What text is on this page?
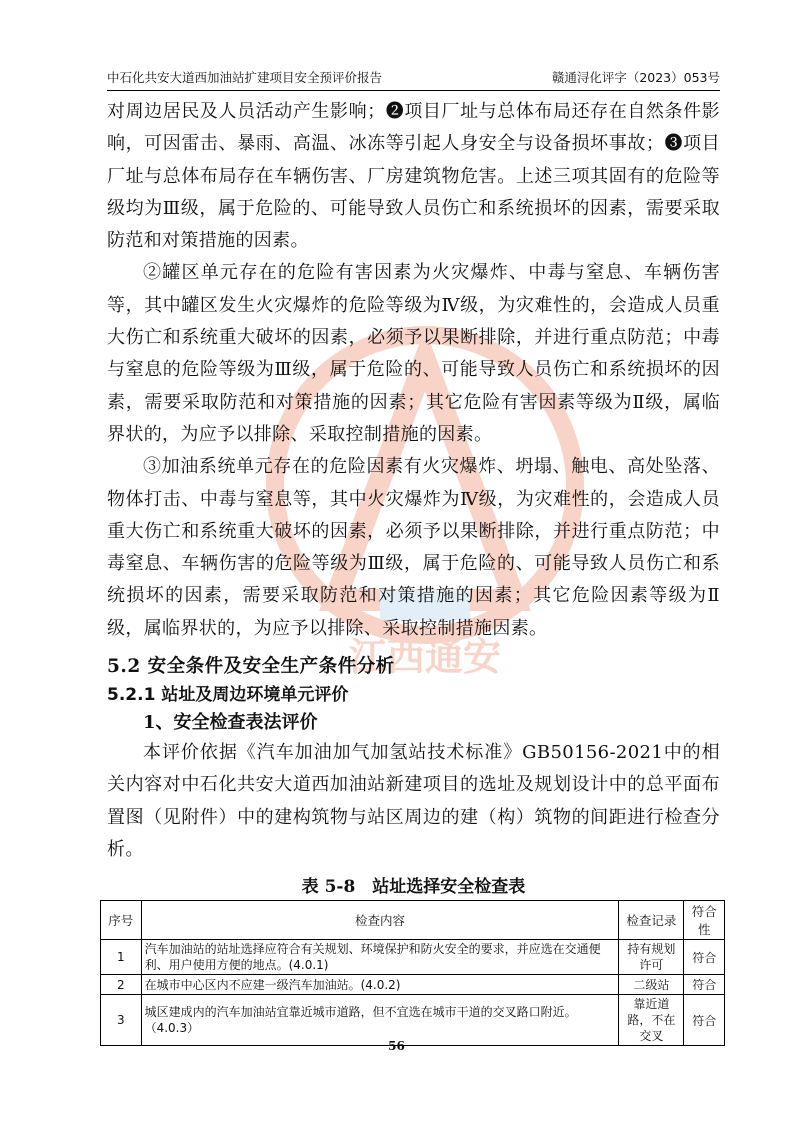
中石化共安大道西加油站扩建项目安全预评价报告	赣通浔化评字（2023）053号
江西通安

对周边居民及人员活动产生影响；❷项目厂址与总体布局还存在自然条件影响，可因雷击、暴雨、高温、冰冻等引起人身安全与设备损坏事故；❸项目厂址与总体布局存在车辆伤害、厂房建筑物危害。上述三项其固有的危险等级均为Ⅲ级，属于危险的、可能导致人员伤亡和系统损坏的因素，需要采取防范和对策措施的因素。

②罐区单元存在的危险有害因素为火灾爆炸、中毒与窒息、车辆伤害等，其中罐区发生火灾爆炸的危险等级为Ⅳ级，为灾难性的，会造成人员重大伤亡和系统重大破坏的因素，必须予以果断排除，并进行重点防范；中毒与窒息的危险等级为Ⅲ级，属于危险的、可能导致人员伤亡和系统损坏的因素，需要采取防范和对策措施的因素；其它危险有害因素等级为Ⅱ级，属临界状的，为应予以排除、采取控制措施的因素。

③加油系统单元存在的危险因素有火灾爆炸、坍塌、触电、高处坠落、物体打击、中毒与窒息等，其中火灾爆炸为Ⅳ级，为灾难性的，会造成人员重大伤亡和系统重大破坏的因素，必须予以果断排除，并进行重点防范；中毒窒息、车辆伤害的危险等级为Ⅲ级，属于危险的、可能导致人员伤亡和系统损坏的因素，需要采取防范和对策措施的因素；其它危险因素等级为Ⅱ级，属临界状的，为应予以排除、采取控制措施因素。

5.2 安全条件及安全生产条件分析
5.2.1 站址及周边环境单元评价
1、安全检查表法评价

本评价依据《汽车加油加气加氢站技术标准》GB50156-2021中的相关内容对中石化共安大道西加油站新建项目的选址及规划设计中的总平面布置图（见附件）中的建构筑物与站区周边的建（构）筑物的间距进行检查分析。

表 5-8　站址选择安全检查表
序号	检查内容	检查记录	符合性
1	汽车加油站的站址选择应符合有关规划、环境保护和防火安全的要求，并应选在交通便利、用户使用方便的地点。(4.0.1)	持有规划许可	符合
2	在城市中心区内不应建一级汽车加油站。(4.0.2)	二级站	符合
3	城区建成内的汽车加油站宜靠近城市道路，但不宜选在城市干道的交叉路口附近。（4.0.3）	靠近道路，不在交叉	符合
56
